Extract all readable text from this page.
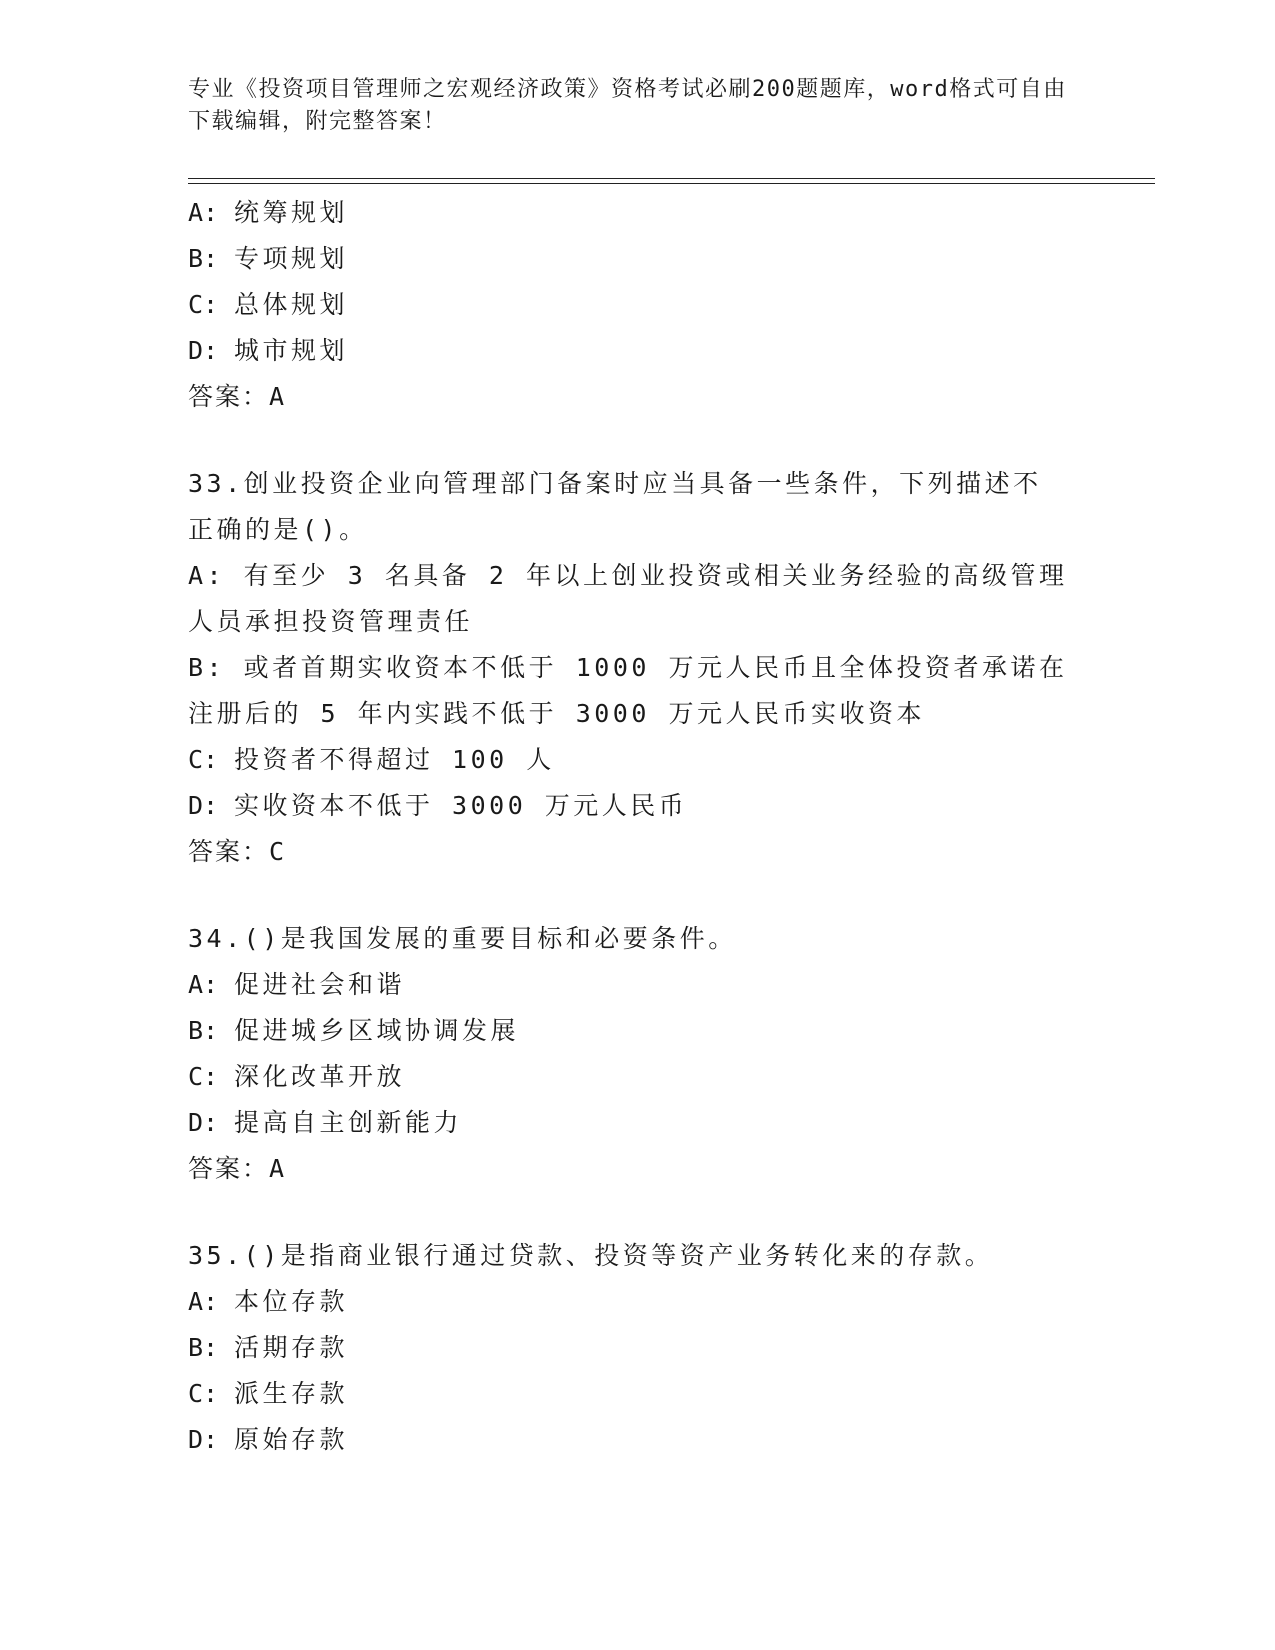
专业《投资项目管理师之宏观经济政策》资格考试必刷200题题库，word格式可自由下载编辑，附完整答案！
A: 统筹规划
B: 专项规划
C: 总体规划
D: 城市规划
答案：A
33.创业投资企业向管理部门备案时应当具备一些条件，下列描述不正确的是()。
A: 有至少 3 名具备 2 年以上创业投资或相关业务经验的高级管理人员承担投资管理责任
B: 或者首期实收资本不低于 1000 万元人民币且全体投资者承诺在注册后的 5 年内实践不低于 3000 万元人民币实收资本
C: 投资者不得超过 100 人
D: 实收资本不低于 3000 万元人民币
答案：C
34.()是我国发展的重要目标和必要条件。
A: 促进社会和谐
B: 促进城乡区域协调发展
C: 深化改革开放
D: 提高自主创新能力
答案：A
35.()是指商业银行通过贷款、投资等资产业务转化来的存款。
A: 本位存款
B: 活期存款
C: 派生存款
D: 原始存款
